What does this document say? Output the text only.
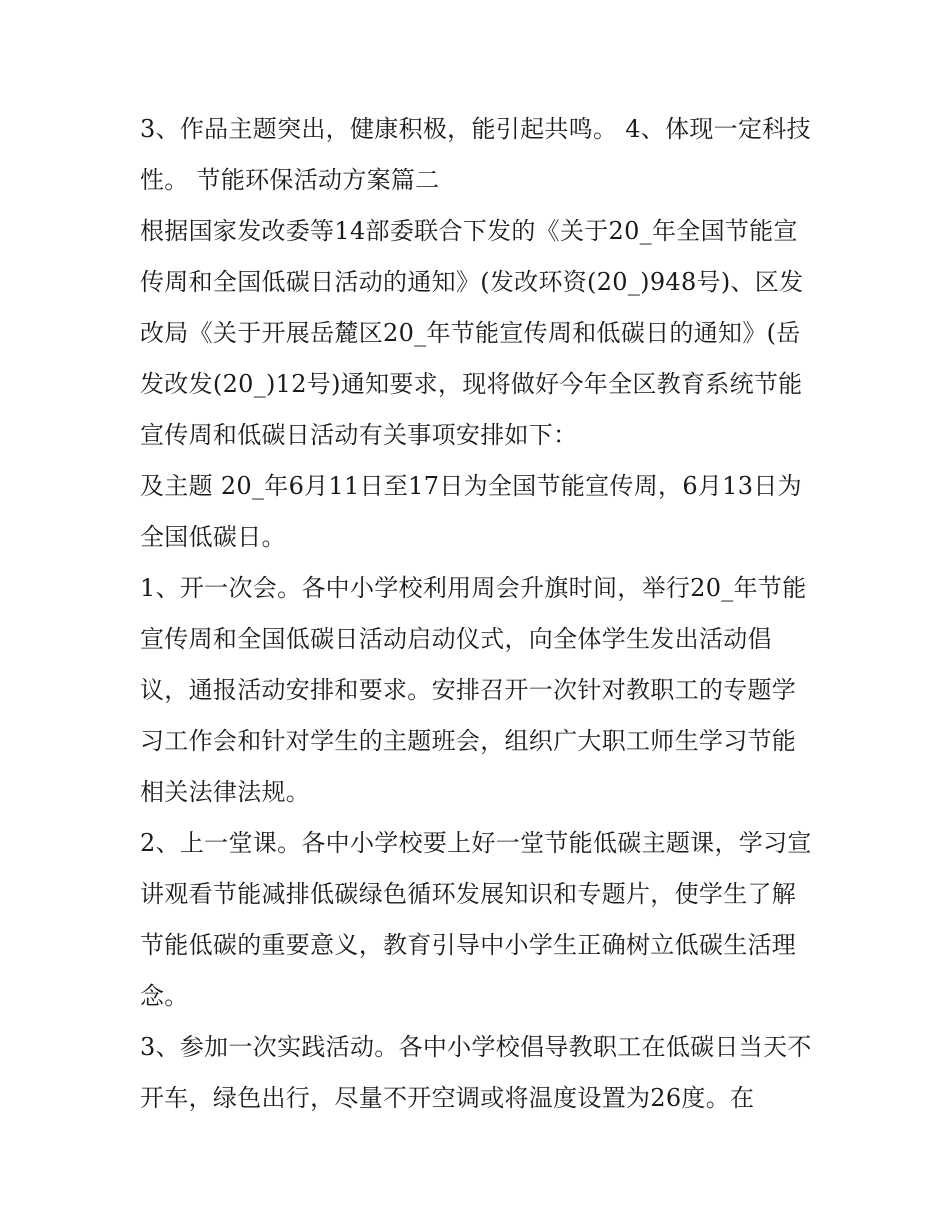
3、作品主题突出，健康积极，能引起共鸣。 4、体现一定科技性。 节能环保活动方案篇二

根据国家发改委等14部委联合下发的《关于20_年全国节能宣传周和全国低碳日活动的通知》(发改环资(20_)948号)、区发改局《关于开展岳麓区20_年节能宣传周和低碳日的通知》(岳发改发(20_)12号)通知要求，现将做好今年全区教育系统节能宣传周和低碳日活动有关事项安排如下：

及主题 20_年6月11日至17日为全国节能宣传周，6月13日为全国低碳日。

1、开一次会。各中小学校利用周会升旗时间，举行20_年节能宣传周和全国低碳日活动启动仪式，向全体学生发出活动倡议，通报活动安排和要求。安排召开一次针对教职工的专题学习工作会和针对学生的主题班会，组织广大职工师生学习节能相关法律法规。

2、上一堂课。各中小学校要上好一堂节能低碳主题课，学习宣讲观看节能减排低碳绿色循环发展知识和专题片，使学生了解节能低碳的重要意义，教育引导中小学生正确树立低碳生活理念。

3、参加一次实践活动。各中小学校倡导教职工在低碳日当天不开车，绿色出行，尽量不开空调或将温度设置为26度。在
